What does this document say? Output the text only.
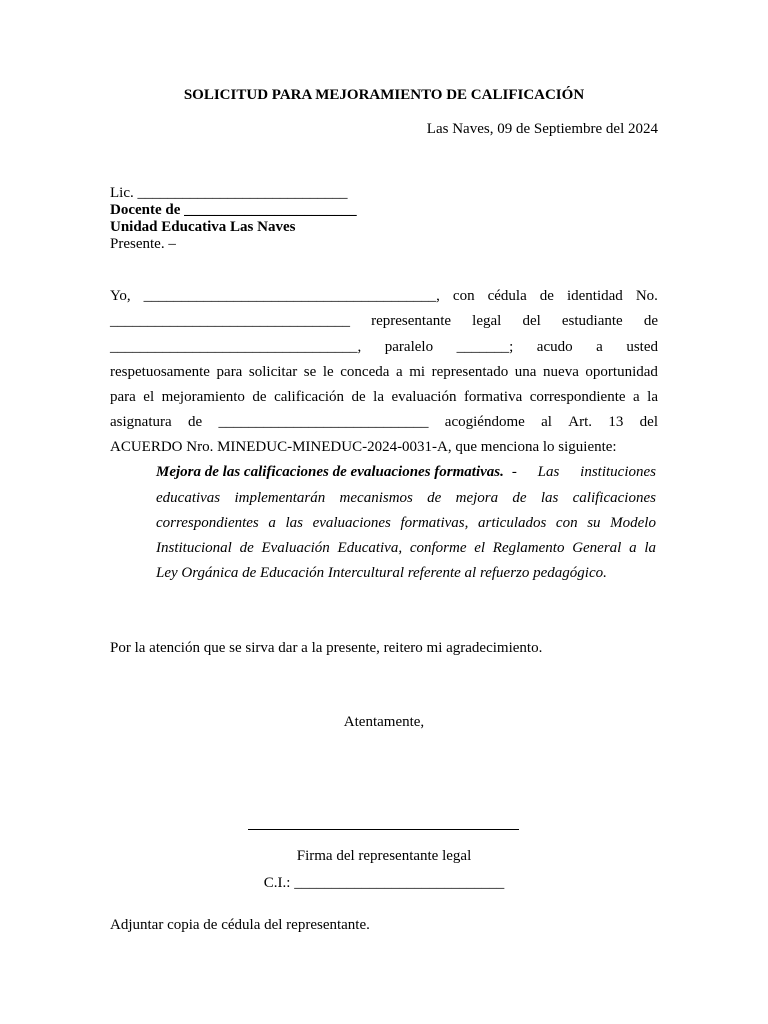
SOLICITUD PARA MEJORAMIENTO DE CALIFICACIÓN

Las Naves, 09 de Septiembre del 2024

Lic. ____________________________
Docente de _______________________
Unidad Educativa Las Naves
Presente. –
Yo, _______________________________________, con cédula de identidad No.
________________________________ representante legal del estudiante de
_________________________________, paralelo _______; acudo a usted
respetuosamente para solicitar se le conceda a mi representado una nueva oportunidad
para el mejoramiento de calificación de la evaluación formativa correspondiente a la
asignatura de ____________________________ acogiéndome al Art. 13 del

ACUERDO Nro. MINEDUC-MINEDUC-2024-0031-A, que menciona lo siguiente:

Mejora de las calificaciones de evaluaciones formativas. - Las instituciones
educativas implementarán mecanismos de mejora de las calificaciones
correspondientes a las evaluaciones formativas, articulados con su Modelo
Institucional de Evaluación Educativa, conforme el Reglamento General a la

Ley Orgánica de Educación Intercultural referente al refuerzo pedagógico.

Por la atención que se sirva dar a la presente, reitero mi agradecimiento.

Atentamente,

Firma del representante legal

C.I.: ____________________________

Adjuntar copia de cédula del representante.
